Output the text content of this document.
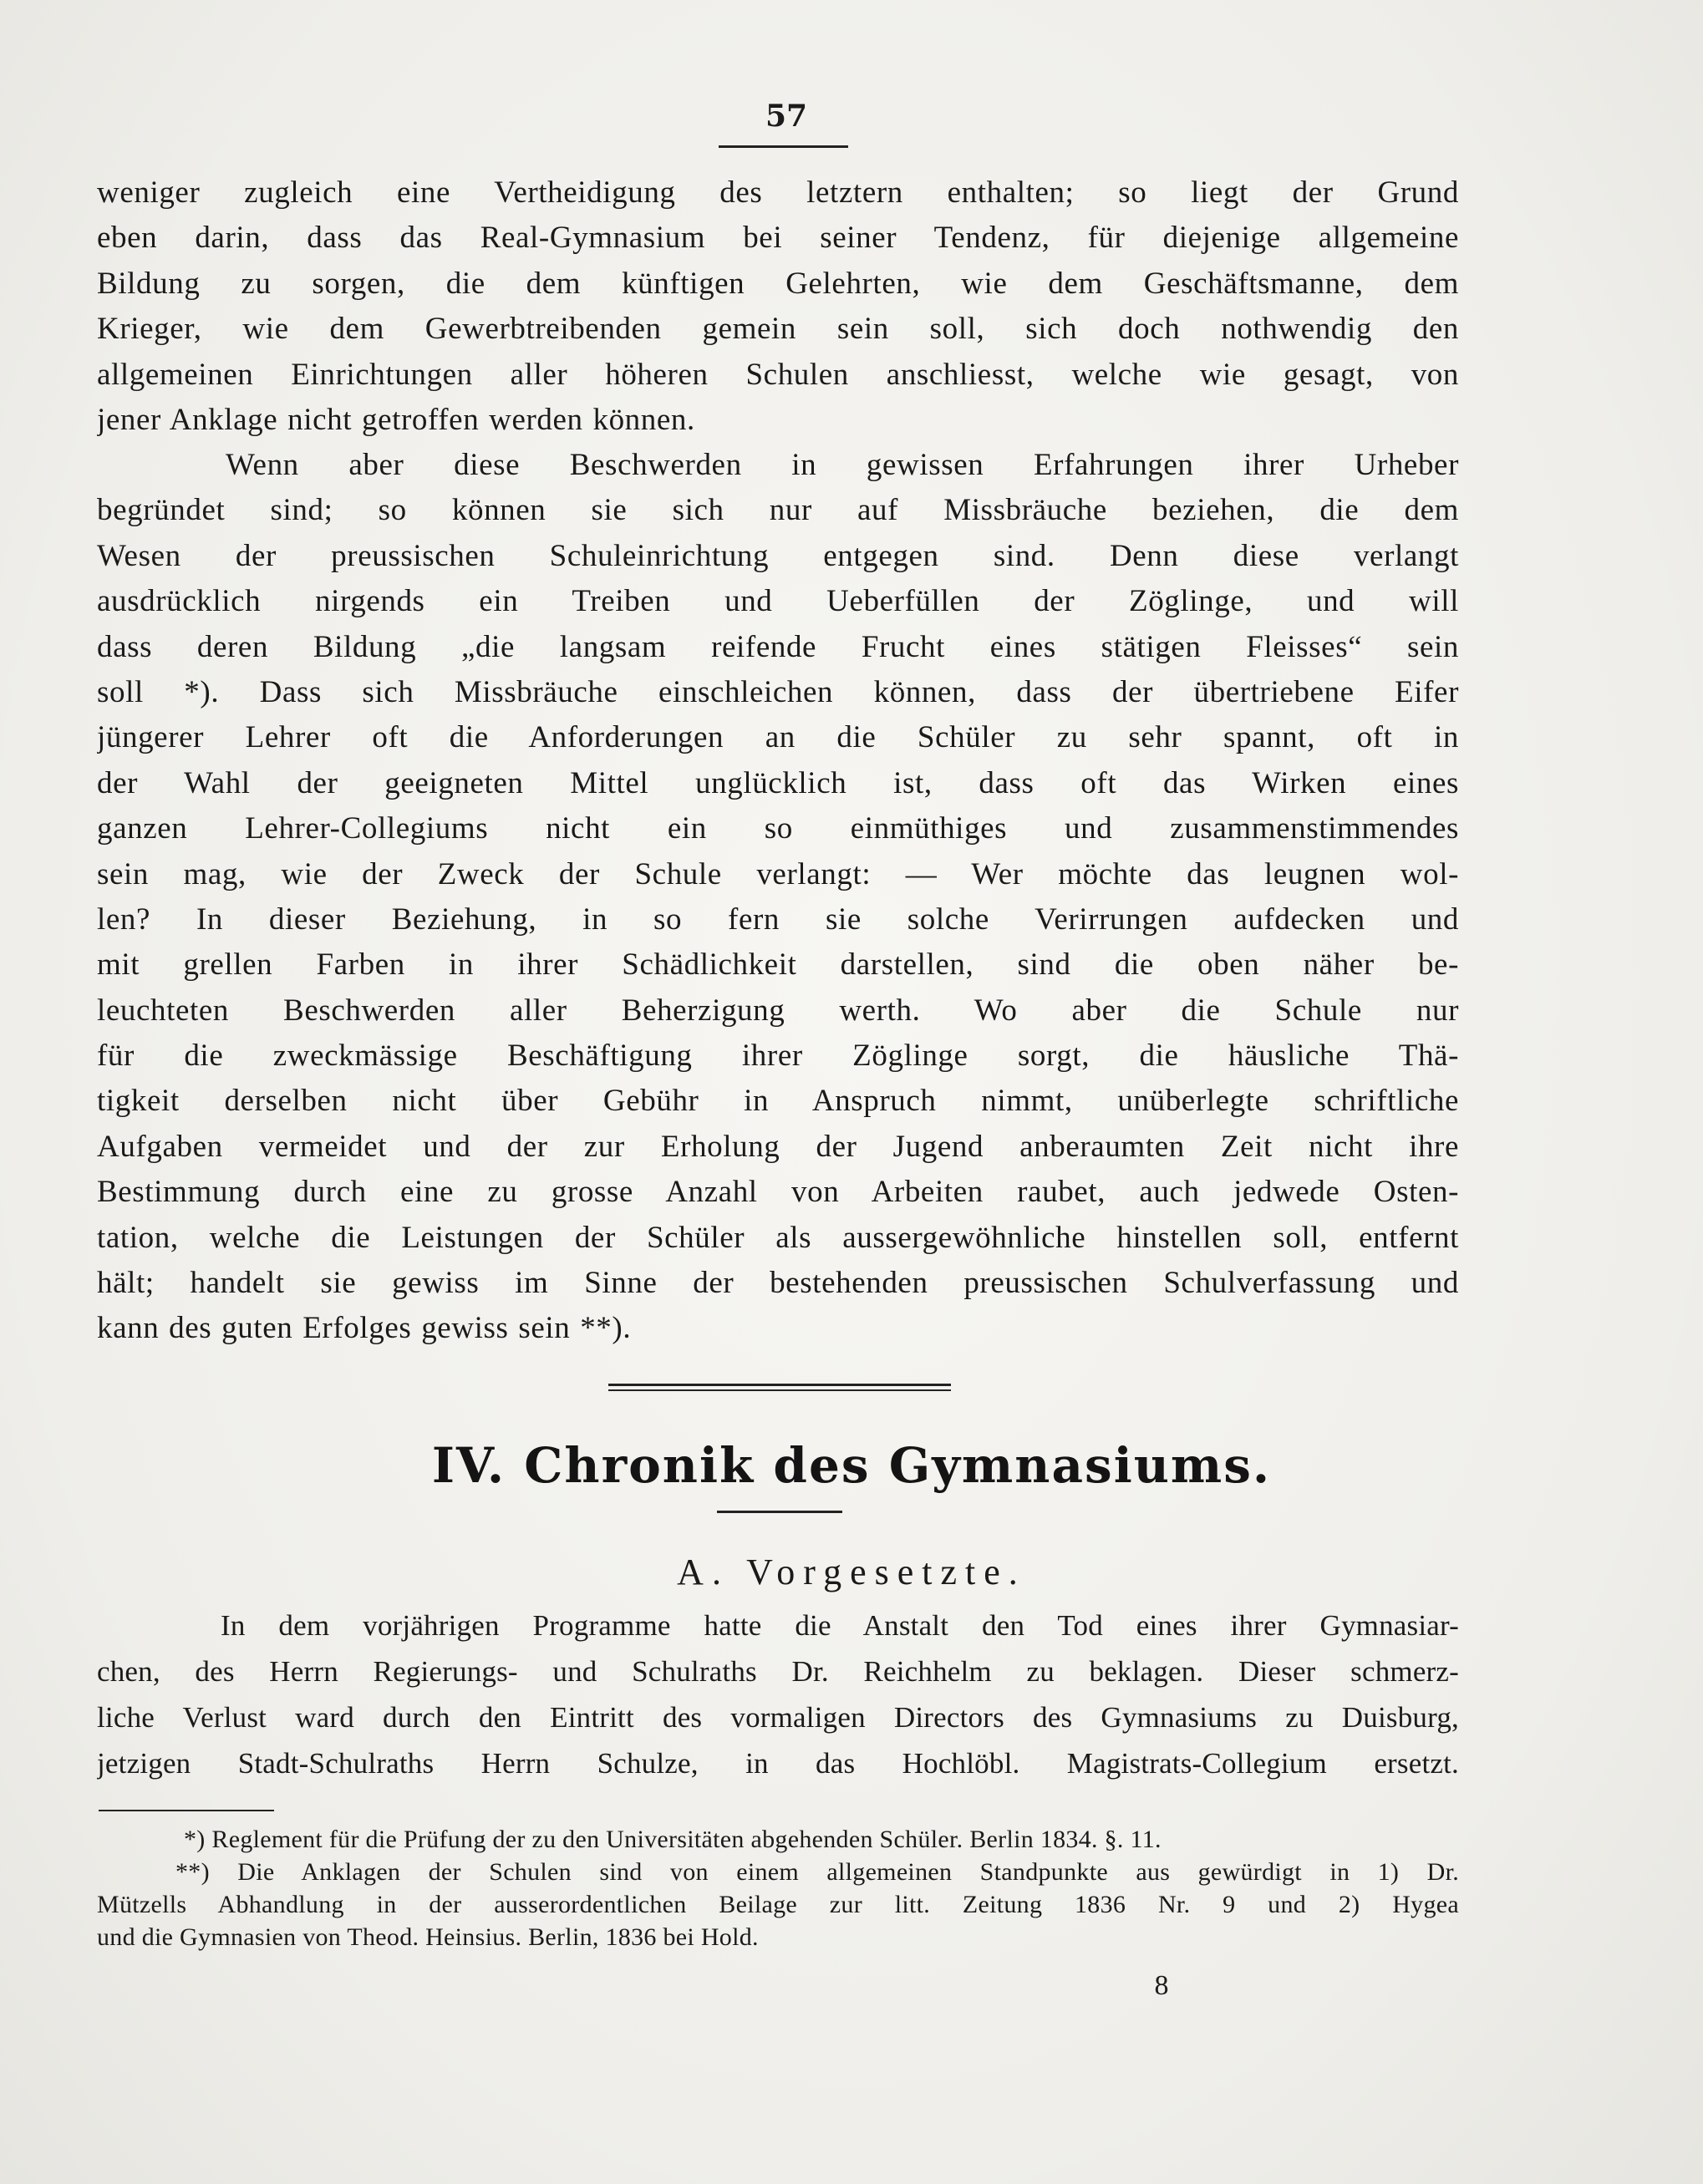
57
weniger zugleich eine Vertheidigung des letztern enthalten; so liegt der Grund
eben darin, dass das Real-Gymnasium bei seiner Tendenz, für diejenige allgemeine
Bildung zu sorgen, die dem künftigen Gelehrten, wie dem Geschäftsmanne, dem
Krieger, wie dem Gewerbtreibenden gemein sein soll, sich doch nothwendig den
allgemeinen Einrichtungen aller höheren Schulen anschliesst, welche wie gesagt, von
jener Anklage nicht getroffen werden können.
Wenn aber diese Beschwerden in gewissen Erfahrungen ihrer Urheber
begründet sind; so können sie sich nur auf Missbräuche beziehen, die dem
Wesen der preussischen Schuleinrichtung entgegen sind. Denn diese verlangt
ausdrücklich nirgends ein Treiben und Ueberfüllen der Zöglinge, und will
dass deren Bildung „die langsam reifende Frucht eines stätigen Fleisses“ sein
soll *). Dass sich Missbräuche einschleichen können, dass der übertriebene Eifer
jüngerer Lehrer oft die Anforderungen an die Schüler zu sehr spannt, oft in
der Wahl der geeigneten Mittel unglücklich ist, dass oft das Wirken eines
ganzen Lehrer-Collegiums nicht ein so einmüthiges und zusammenstimmendes
sein mag, wie der Zweck der Schule verlangt: — Wer möchte das leugnen wol-
len? In dieser Beziehung, in so fern sie solche Verirrungen aufdecken und
mit grellen Farben in ihrer Schädlichkeit darstellen, sind die oben näher be-
leuchteten Beschwerden aller Beherzigung werth. Wo aber die Schule nur
für die zweckmässige Beschäftigung ihrer Zöglinge sorgt, die häusliche Thä-
tigkeit derselben nicht über Gebühr in Anspruch nimmt, unüberlegte schriftliche
Aufgaben vermeidet und der zur Erholung der Jugend anberaumten Zeit nicht ihre
Bestimmung durch eine zu grosse Anzahl von Arbeiten raubet, auch jedwede Osten-
tation, welche die Leistungen der Schüler als aussergewöhnliche hinstellen soll, entfernt
hält; handelt sie gewiss im Sinne der bestehenden preussischen Schulverfassung und
kann des guten Erfolges gewiss sein **).
IV. Chronik des Gymnasiums.
A. Vorgesetzte.
In dem vorjährigen Programme hatte die Anstalt den Tod eines ihrer Gymnasiar-
chen, des Herrn Regierungs- und Schulraths Dr. Reichhelm zu beklagen. Dieser schmerz-
liche Verlust ward durch den Eintritt des vormaligen Directors des Gymnasiums zu Duisburg,
jetzigen Stadt-Schulraths Herrn Schulze, in das Hochlöbl. Magistrats-Collegium ersetzt.
*) Reglement für die Prüfung der zu den Universitäten abgehenden Schüler. Berlin 1834. §. 11.
**) Die Anklagen der Schulen sind von einem allgemeinen Standpunkte aus gewürdigt in 1) Dr.
Mützells Abhandlung in der ausserordentlichen Beilage zur litt. Zeitung 1836 Nr. 9 und 2) Hygea
und die Gymnasien von Theod. Heinsius. Berlin, 1836 bei Hold.
8
